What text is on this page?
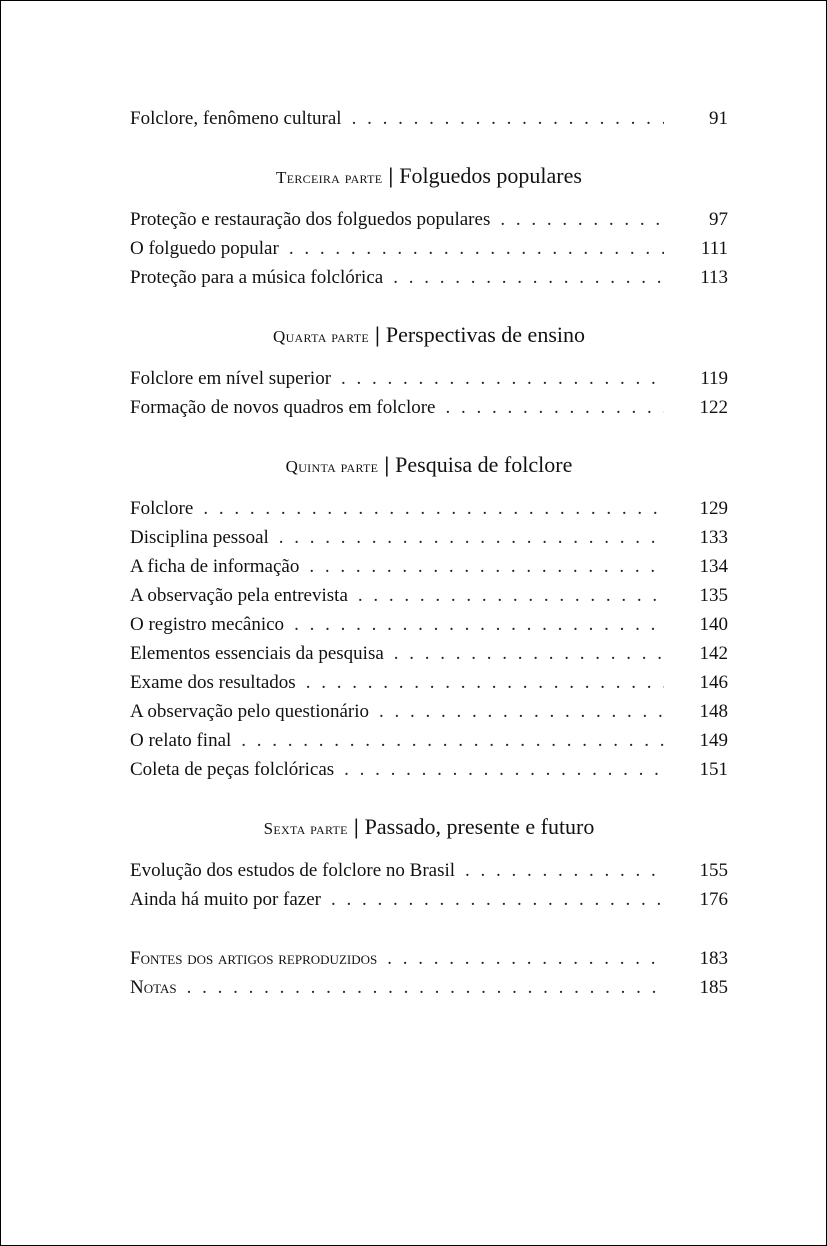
Folclore, fenômeno cultural . . .	91
Terceira parte | Folguedos populares
Proteção e restauração dos folguedos populares . . .	97
O folguedo popular . . .	111
Proteção para a música folclórica . . .	113
Quarta parte | Perspectivas de ensino
Folclore em nível superior . . .	119
Formação de novos quadros em folclore . . .	122
Quinta parte | Pesquisa de folclore
Folclore . . .	129
Disciplina pessoal . . .	133
A ficha de informação . . .	134
A observação pela entrevista . . .	135
O registro mecânico . . .	140
Elementos essenciais da pesquisa . . .	142
Exame dos resultados . . .	146
A observação pelo questionário . . .	148
O relato final . . .	149
Coleta de peças folclóricas . . .	151
Sexta parte | Passado, presente e futuro
Evolução dos estudos de folclore no Brasil . . .	155
Ainda há muito por fazer . . .	176
Fontes dos artigos reproduzidos . . .	183
Notas . . .	185
